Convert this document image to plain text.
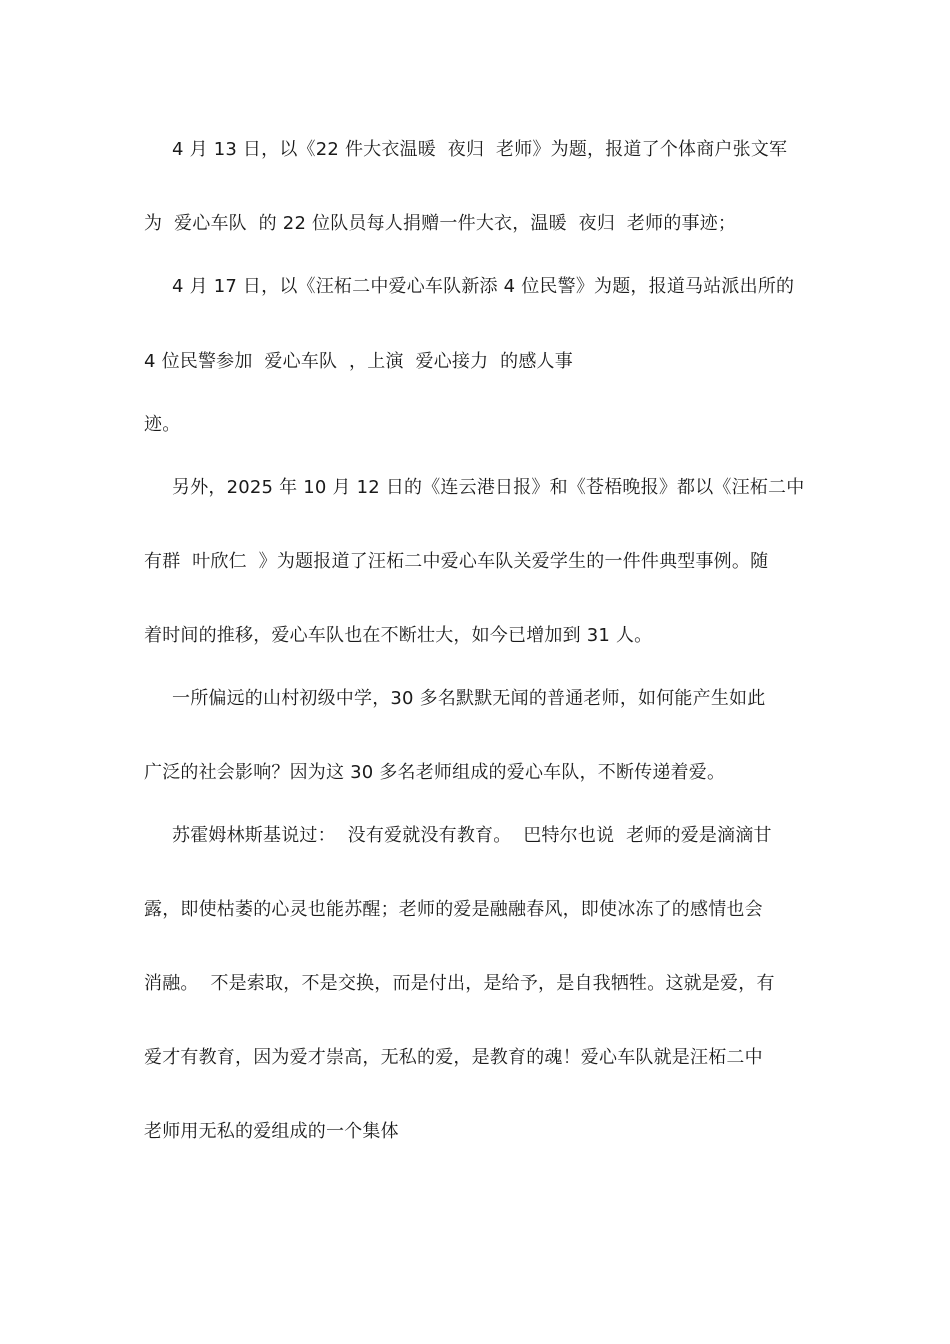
4 月 13 日，以《22 件大衣温暖  夜归  老师》为题，报道了个体商户张文军
为  爱心车队  的 22 位队员每人捐赠一件大衣，温暖  夜归  老师的事迹；
4 月 17 日，以《汪柘二中爱心车队新添 4 位民警》为题，报道马站派出所的
4 位民警参加  爱心车队  ，上演  爱心接力  的感人事
迹。
另外，2025 年 10 月 12 日的《连云港日报》和《苍梧晚报》都以《汪柘二中
有群  叶欣仁  》为题报道了汪柘二中爱心车队关爱学生的一件件典型事例。随
着时间的推移，爱心车队也在不断壮大，如今已增加到 31 人。
一所偏远的山村初级中学，30 多名默默无闻的普通老师，如何能产生如此
广泛的社会影响？因为这 30 多名老师组成的爱心车队，不断传递着爱。
苏霍姆林斯基说过：  没有爱就没有教育。  巴特尔也说  老师的爱是滴滴甘
露，即使枯萎的心灵也能苏醒；老师的爱是融融春风，即使冰冻了的感情也会
消融。  不是索取，不是交换，而是付出，是给予，是自我牺牲。这就是爱，有
爱才有教育，因为爱才崇高，无私的爱，是教育的魂！爱心车队就是汪柘二中
老师用无私的爱组成的一个集体
